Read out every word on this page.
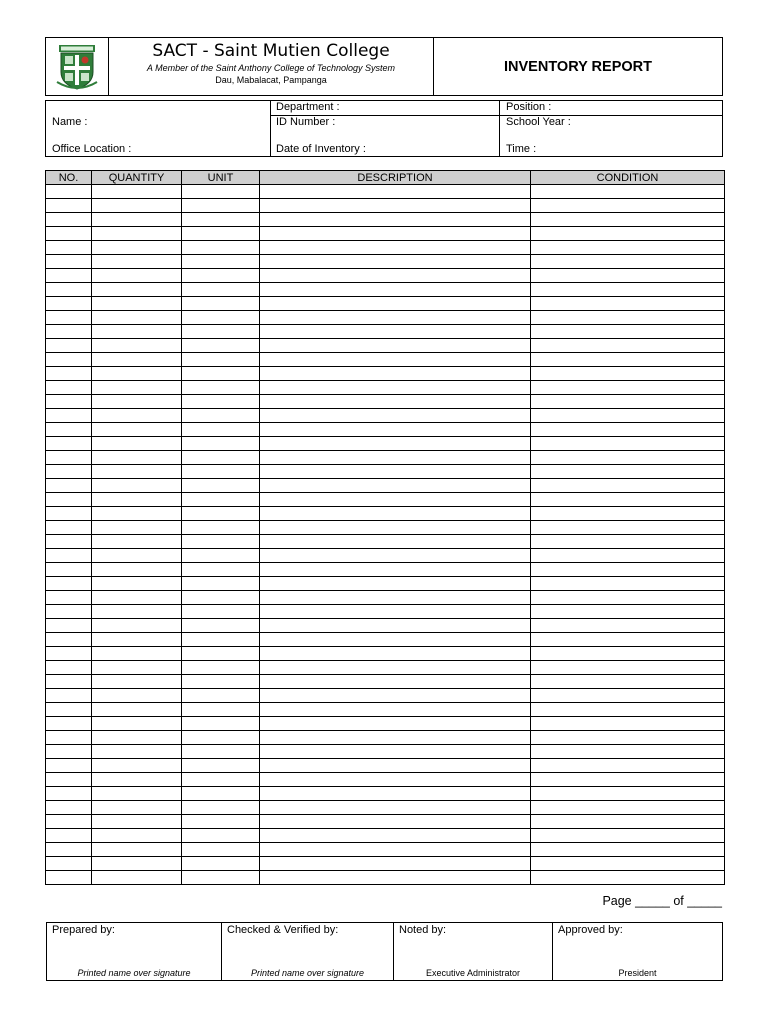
SACT - Saint Mutien College
A Member of the Saint Anthony College of Technology System
Dau, Mabalacat, Pampanga
INVENTORY REPORT
Name :
Office Location :
Department :
ID Number :
Date of Inventory :
Position :
School Year :
Time :
NO.	QUANTITY	UNIT	DESCRIPTION	CONDITION

Page _____ of _____
Prepared by:
Printed name over signature
Checked & Verified by:
Printed name over signature
Noted by:
Executive Administrator
Approved by:
President
